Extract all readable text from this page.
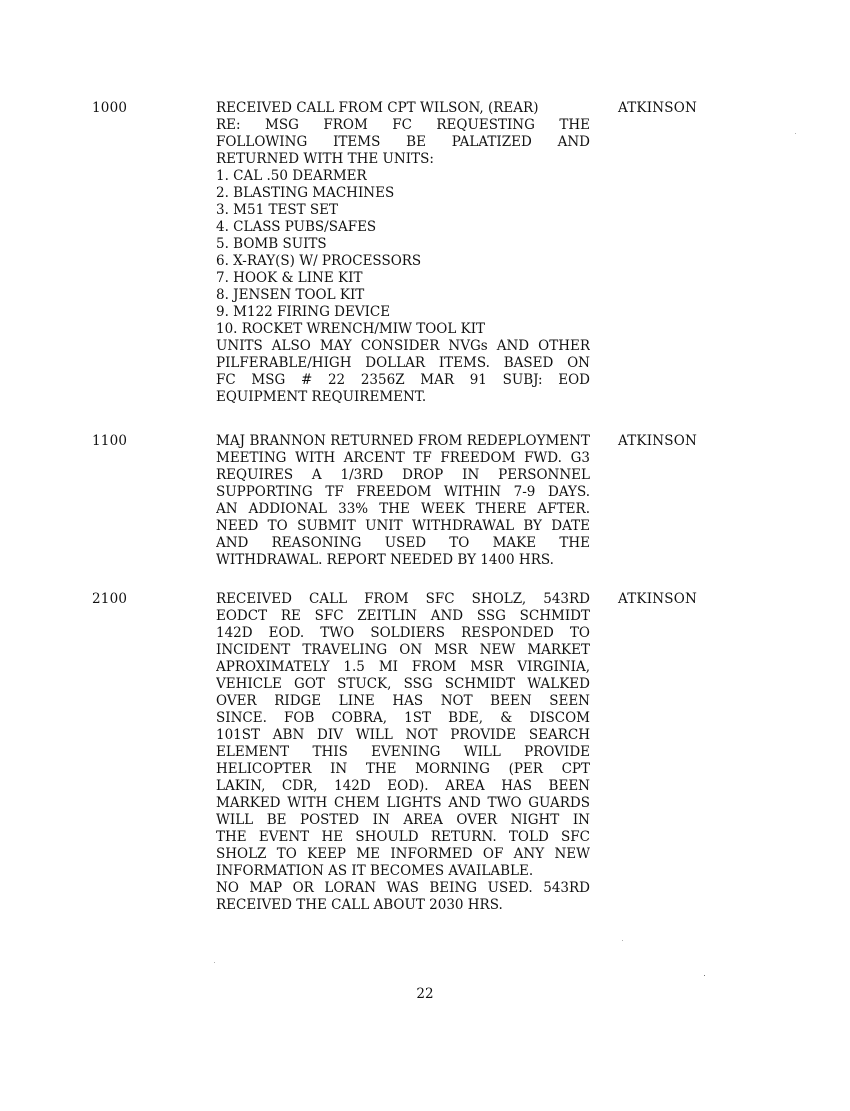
1000	RECEIVED CALL FROM CPT WILSON, (REAR)
RE: MSG FROM FC REQUESTING THE
FOLLOWING ITEMS BE PALATIZED AND
RETURNED WITH THE UNITS:
1. CAL .50 DEARMER
2. BLASTING MACHINES
3. M51 TEST SET
4. CLASS PUBS/SAFES
5. BOMB SUITS
6. X-RAY(S) W/ PROCESSORS
7. HOOK & LINE KIT
8. JENSEN TOOL KIT
9. M122 FIRING DEVICE
10. ROCKET WRENCH/MIW TOOL KIT
UNITS ALSO MAY CONSIDER NVGs AND OTHER
PILFERABLE/HIGH DOLLAR ITEMS. BASED ON
FC MSG # 22 2356Z MAR 91 SUBJ: EOD
EQUIPMENT REQUIREMENT.
ATKINSON
1100	MAJ BRANNON RETURNED FROM REDEPLOYMENT
MEETING WITH ARCENT TF FREEDOM FWD. G3
REQUIRES A 1/3RD DROP IN PERSONNEL
SUPPORTING TF FREEDOM WITHIN 7-9 DAYS.
AN ADDIONAL 33% THE WEEK THERE AFTER.
NEED TO SUBMIT UNIT WITHDRAWAL BY DATE
AND REASONING USED TO MAKE THE
WITHDRAWAL. REPORT NEEDED BY 1400 HRS.
ATKINSON
2100	RECEIVED CALL FROM SFC SHOLZ, 543RD
EODCT RE SFC ZEITLIN AND SSG SCHMIDT
142D EOD. TWO SOLDIERS RESPONDED TO
INCIDENT TRAVELING ON MSR NEW MARKET
APROXIMATELY 1.5 MI FROM MSR VIRGINIA,
VEHICLE GOT STUCK, SSG SCHMIDT WALKED
OVER RIDGE LINE HAS NOT BEEN SEEN
SINCE. FOB COBRA, 1ST BDE, & DISCOM
101ST ABN DIV WILL NOT PROVIDE SEARCH
ELEMENT THIS EVENING WILL PROVIDE
HELICOPTER IN THE MORNING (PER CPT
LAKIN, CDR, 142D EOD). AREA HAS BEEN
MARKED WITH CHEM LIGHTS AND TWO GUARDS
WILL BE POSTED IN AREA OVER NIGHT IN
THE EVENT HE SHOULD RETURN. TOLD SFC
SHOLZ TO KEEP ME INFORMED OF ANY NEW
INFORMATION AS IT BECOMES AVAILABLE.
NO MAP OR LORAN WAS BEING USED. 543RD
RECEIVED THE CALL ABOUT 2030 HRS.
ATKINSON
22
